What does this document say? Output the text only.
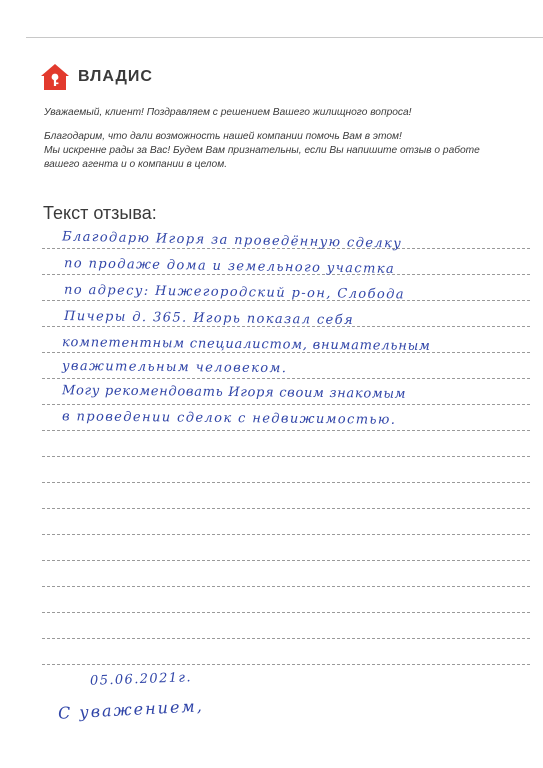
ВЛАДИС

Уважаемый, клиент! Поздравляем с решением Вашего жилищного вопроса!

Благодарим, что дали возможность нашей компании помочь Вам в этом!

Мы искренне рады за Вас! Будем Вам признательны, если Вы напишите отзыв о работе

вашего агента и о компании в целом.

Текст отзыва:
Благодарю Игоря за проведённую сделку
по продаже дома и земельного участка
по адресу: Нижегородский р-он, Слобода
Пичеры д. 365. Игорь показал себя
компетентным специалистом, внимательным
уважительным человеком.
Могу рекомендовать Игоря своим знакомым
в проведении сделок с недвижимостью.
05.06.2021г.
С уважением,
